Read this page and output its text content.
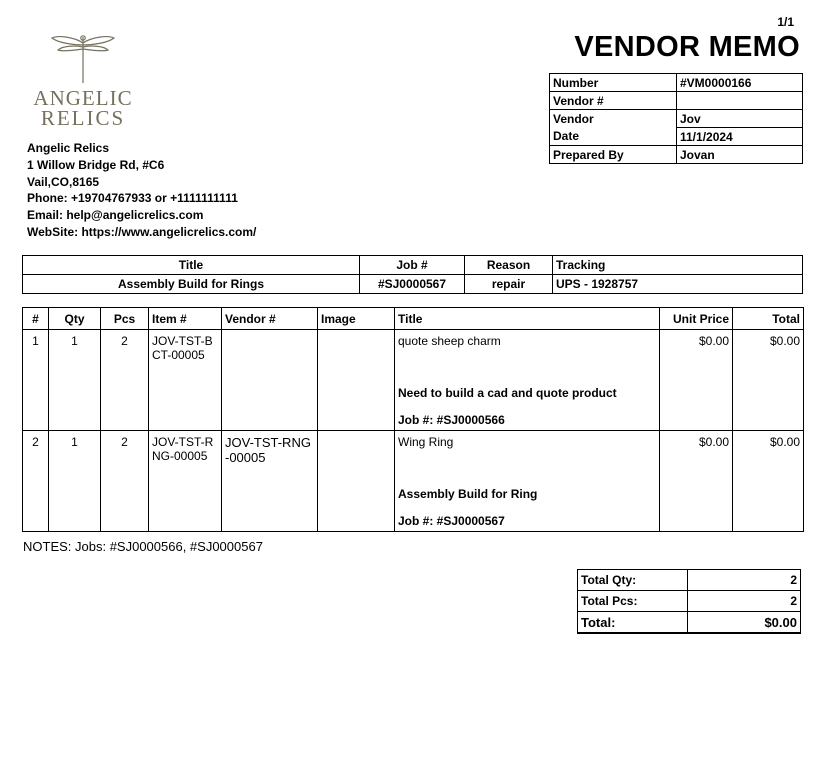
1/1
VENDOR MEMO
ANGELIC
RELICS
Angelic Relics
1 Willow Bridge Rd, #C6
Vail,CO,8165
Phone: +19704767933 or +1111111111
Email: help@angelicrelics.com
WebSite: https://www.angelicrelics.com/
Number	#VM0000166
Vendor #	
Vendor	Jov
Date	11/1/2024
Prepared By	Jovan
Title	Job #	Reason	Tracking
Assembly Build for Rings	#SJ0000567	repair	UPS - 1928757
#	Qty	Pcs	Item #	Vendor #	Image	Title	Unit Price	Total
1	1	2	JOV-TST-BCT-00005			quote sheep charm
Need to build a cad and quote product
Job #: #SJ0000566	$0.00	$0.00
2	1	2	JOV-TST-RNG-00005	JOV-TST-RNG-00005		Wing Ring
Assembly Build for Ring
Job #: #SJ0000567	$0.00	$0.00
NOTES: Jobs: #SJ0000566, #SJ0000567
Total Qty:	2
Total Pcs:	2
Total:	$0.00
